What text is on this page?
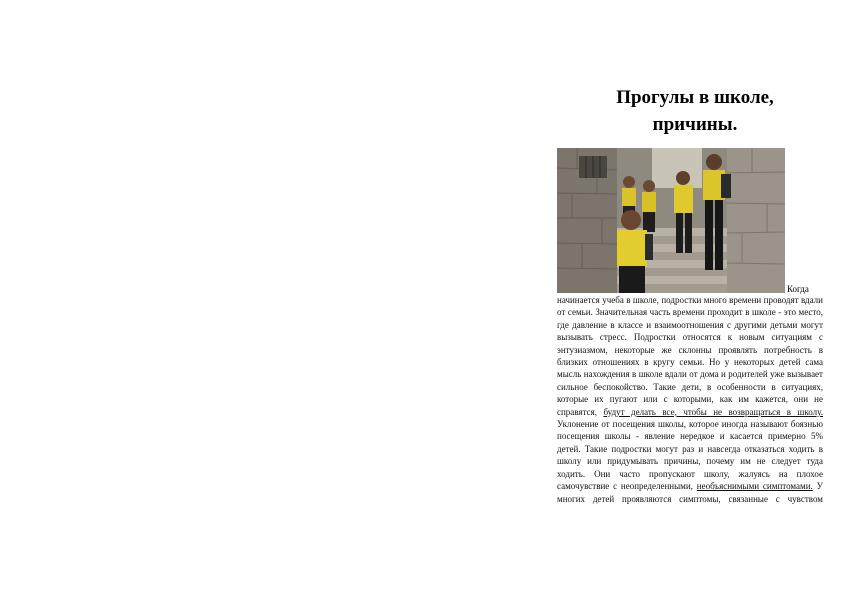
Прогулы в школе,
причины.
Когда
начинается учеба в школе, подростки много времени проводят вдали от семьи. Значительная часть времени проходит в школе - это место, где давление в классе и взаимоотношения с другими детьми могут вызывать стресс. Подростки относятся к новым ситуациям с энтузиазмом, некоторые же склонны проявлять потребность в близких отношениях в кругу семьи. Но у некоторых детей сама мысль нахождения в школе вдали от дома и родителей уже вызывает сильное беспокойство. Такие дети, в особенности в ситуациях, которые их пугают или с которыми, как им кажется, они не справятся, будут делать все, чтобы не возвращаться в школу. Уклонение от посещения школы, которое иногда называют боязнью посещения школы - явление нередкое и касается примерно 5% детей. Такие подростки могут раз и навсегда отказаться ходить в школу или придумывать причины, почему им не следует туда ходить. Они часто пропускают школу, жалуясь на плохое самочувствие с неопределенными, необъяснимыми симптомами. У многих детей проявляются симптомы, связанные с чувством
